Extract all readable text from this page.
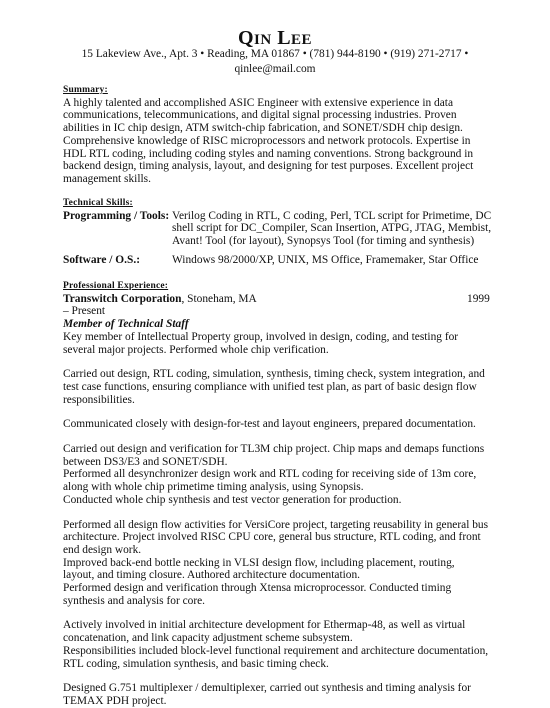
QIN LEE
15 Lakeview Ave., Apt. 3 • Reading, MA 01867 • (781) 944-8190 • (919) 271-2717 •
qinlee@mail.com
Summary:
A highly talented and accomplished ASIC Engineer with extensive experience in data
communications, telecommunications, and digital signal processing industries. Proven
abilities in IC chip design, ATM switch-chip fabrication, and SONET/SDH chip design.
Comprehensive knowledge of RISC microprocessors and network protocols. Expertise in
HDL RTL coding, including coding styles and naming conventions. Strong background in
backend design, timing analysis, layout, and designing for test purposes. Excellent project
management skills.
Technical Skills:
Programming / Tools: Verilog Coding in RTL, C coding, Perl, TCL script for Primetime, DC
shell script for DC_Compiler, Scan Insertion, ATPG, JTAG, Membist,
Avant! Tool (for layout), Synopsys Tool (for timing and synthesis)
Software / O.S.:	Windows 98/2000/XP, UNIX, MS Office, Framemaker, Star Office
Professional Experience:
Transwitch Corporation, Stoneham, MA	1999
– Present
Member of Technical Staff
Key member of Intellectual Property group, involved in design, coding, and testing for
several major projects. Performed whole chip verification.
Carried out design, RTL coding, simulation, synthesis, timing check, system integration, and
test case functions, ensuring compliance with unified test plan, as part of basic design flow
responsibilities.
Communicated closely with design-for-test and layout engineers, prepared documentation.
Carried out design and verification for TL3M chip project. Chip maps and demaps functions
between DS3/E3 and SONET/SDH.
Performed all desynchronizer design work and RTL coding for receiving side of 13m core,
along with whole chip primetime timing analysis, using Synopsis.
Conducted whole chip synthesis and test vector generation for production.
Performed all design flow activities for VersiCore project, targeting reusability in general bus
architecture. Project involved RISC CPU core, general bus structure, RTL coding, and front
end design work.
Improved back-end bottle necking in VLSI design flow, including placement, routing,
layout, and timing closure. Authored architecture documentation.
Performed design and verification through Xtensa microprocessor. Conducted timing
synthesis and analysis for core.
Actively involved in initial architecture development for Ethermap-48, as well as virtual
concatenation, and link capacity adjustment scheme subsystem.
Responsibilities included block-level functional requirement and architecture documentation,
RTL coding, simulation synthesis, and basic timing check.
Designed G.751 multiplexer / demultiplexer, carried out synthesis and timing analysis for
TEMAX PDH project.
